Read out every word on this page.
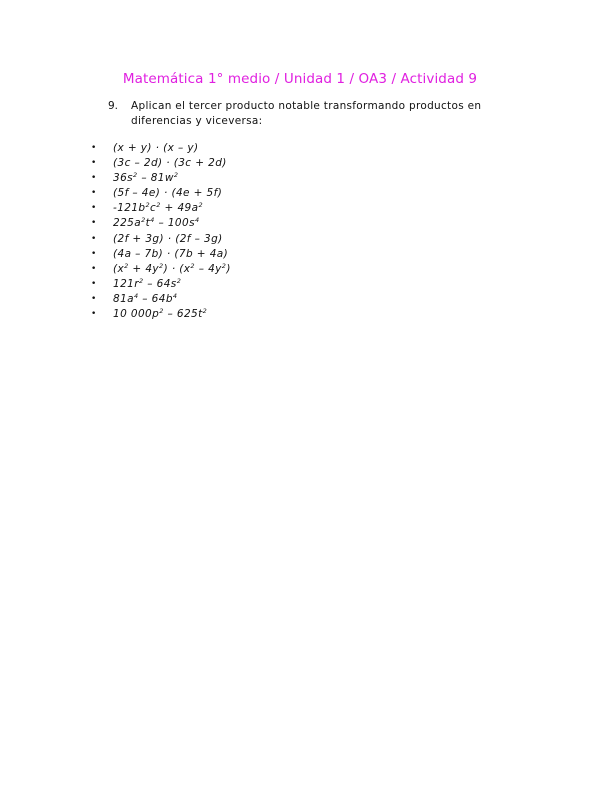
Matemática 1° medio / Unidad 1 / OA3 / Actividad 9
9.	Aplican el tercer producto notable transformando productos en diferencias y viceversa:
• (x + y) · (x – y)
• (3c – 2d) · (3c + 2d)
• $36s^2 - 81w^2$
• (5f – 4e) · (4e + 5f)
• $-121b^2c^2 + 49a^2$
• $225a^2t^4 - 100s^4$
• (2f + 3g) · (2f – 3g)
• (4a – 7b) · (7b + 4a)
• $(x^2 + 4y^2) \cdot (x^2 - 4y^2)$
• $121r^2 - 64s^2$
• $81a^4 - 64b^4$
• 10 $000p^2 - 625t^2$
